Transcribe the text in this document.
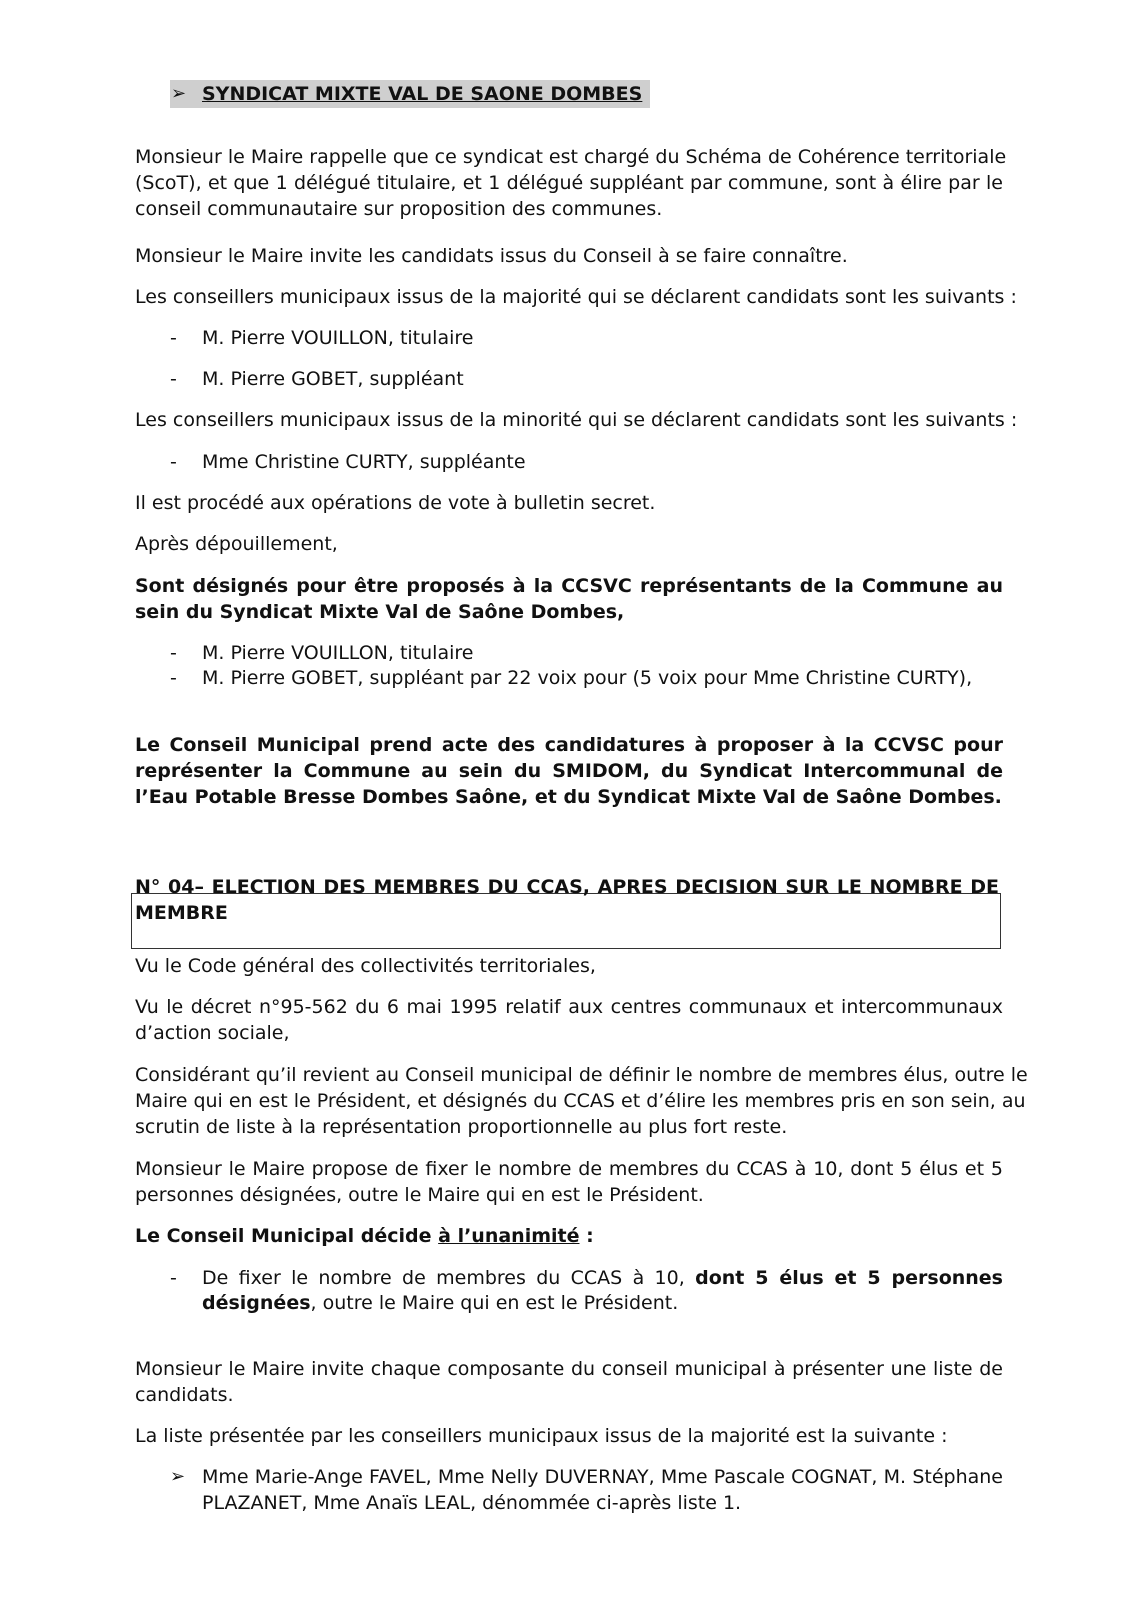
➢ SYNDICAT MIXTE VAL DE SAONE DOMBES
Monsieur le Maire rappelle que ce syndicat est chargé du Schéma de Cohérence territoriale
(ScoT), et que 1 délégué titulaire, et 1 délégué suppléant par commune, sont à élire par le
conseil communautaire sur proposition des communes.
Monsieur le Maire invite les candidats issus du Conseil à se faire connaître.
Les conseillers municipaux issus de la majorité qui se déclarent candidats sont les suivants :
- M. Pierre VOUILLON, titulaire
- M. Pierre GOBET, suppléant
Les conseillers municipaux issus de la minorité qui se déclarent candidats sont les suivants :
- Mme Christine CURTY, suppléante
Il est procédé aux opérations de vote à bulletin secret.
Après dépouillement,
Sont désignés pour être proposés à la CCSVC représentants de la Commune au
sein du Syndicat Mixte Val de Saône Dombes,
- M. Pierre VOUILLON, titulaire
- M. Pierre GOBET, suppléant par 22 voix pour (5 voix pour Mme Christine CURTY),
Le Conseil Municipal prend acte des candidatures à proposer à la CCVSC pour
représenter la Commune au sein du SMIDOM, du Syndicat Intercommunal de
l’Eau Potable Bresse Dombes Saône, et du Syndicat Mixte Val de Saône Dombes.
N° 04– ELECTION DES MEMBRES DU CCAS, APRES DECISION SUR LE NOMBRE DE
MEMBRE
Vu le Code général des collectivités territoriales,
Vu le décret n°95-562 du 6 mai 1995 relatif aux centres communaux et intercommunaux
d’action sociale,
Considérant qu’il revient au Conseil municipal de définir le nombre de membres élus, outre le
Maire qui en est le Président, et désignés du CCAS et d’élire les membres pris en son sein, au
scrutin de liste à la représentation proportionnelle au plus fort reste.
Monsieur le Maire propose de fixer le nombre de membres du CCAS à 10, dont 5 élus et 5
personnes désignées, outre le Maire qui en est le Président.
Le Conseil Municipal décide à l’unanimité :
- De fixer le nombre de membres du CCAS à 10, dont 5 élus et 5 personnes
désignées, outre le Maire qui en est le Président.
Monsieur le Maire invite chaque composante du conseil municipal à présenter une liste de
candidats.
La liste présentée par les conseillers municipaux issus de la majorité est la suivante :
➢ Mme Marie-Ange FAVEL, Mme Nelly DUVERNAY, Mme Pascale COGNAT, M. Stéphane
PLAZANET, Mme Anaïs LEAL, dénommée ci-après liste 1.
